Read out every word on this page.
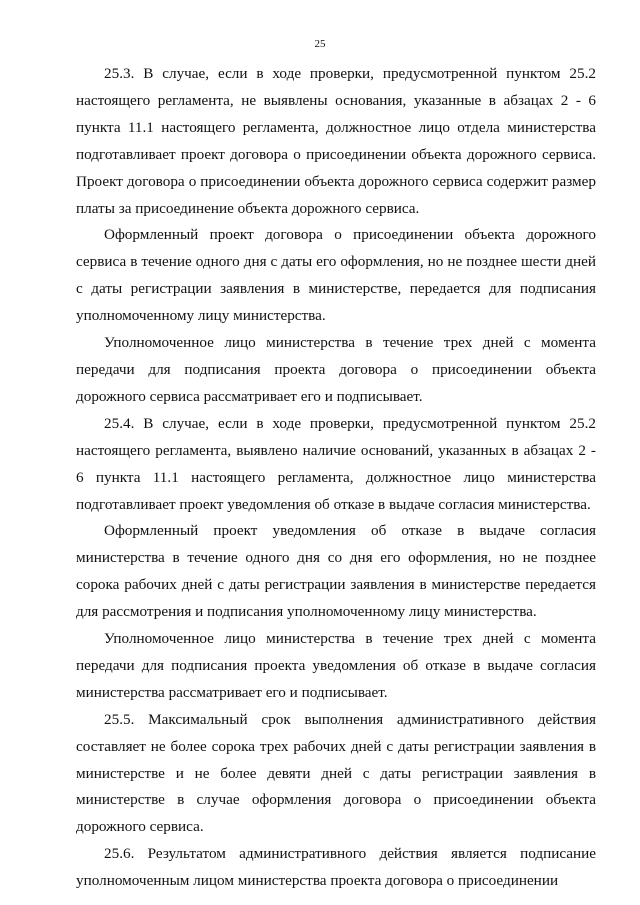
25

25.3. В случае, если в ходе проверки, предусмотренной пунктом 25.2 настоящего регламента, не выявлены основания, указанные в абзацах 2 - 6 пункта 11.1 настоящего регламента, должностное лицо отдела министерства подготавливает проект договора о присоединении объекта дорожного сервиса. Проект договора о присоединении объекта дорожного сервиса содержит размер платы за присоединение объекта дорожного сервиса.

Оформленный проект договора о присоединении объекта дорожного сервиса в течение одного дня с даты его оформления, но не позднее шести дней с даты регистрации заявления в министерстве, передается для подписания уполномоченному лицу министерства.

Уполномоченное лицо министерства в течение трех дней с момента передачи для подписания проекта договора о присоединении объекта дорожного сервиса рассматривает его и подписывает.

25.4. В случае, если в ходе проверки, предусмотренной пунктом 25.2 настоящего регламента, выявлено наличие оснований, указанных в абзацах 2 - 6 пункта 11.1 настоящего регламента, должностное лицо министерства подготавливает проект уведомления об отказе в выдаче согласия министерства.

Оформленный проект уведомления об отказе в выдаче согласия министерства в течение одного дня со дня его оформления, но не позднее сорока рабочих дней с даты регистрации заявления в министерстве передается для рассмотрения и подписания уполномоченному лицу министерства.

Уполномоченное лицо министерства в течение трех дней с момента передачи для подписания проекта уведомления об отказе в выдаче согласия министерства рассматривает его и подписывает.

25.5. Максимальный срок выполнения административного действия составляет не более сорока трех рабочих дней с даты регистрации заявления в министерстве и не более девяти дней с даты регистрации заявления в министерстве в случае оформления договора о присоединении объекта дорожного сервиса.

25.6. Результатом административного действия является подписание уполномоченным лицом министерства проекта договора о присоединении
